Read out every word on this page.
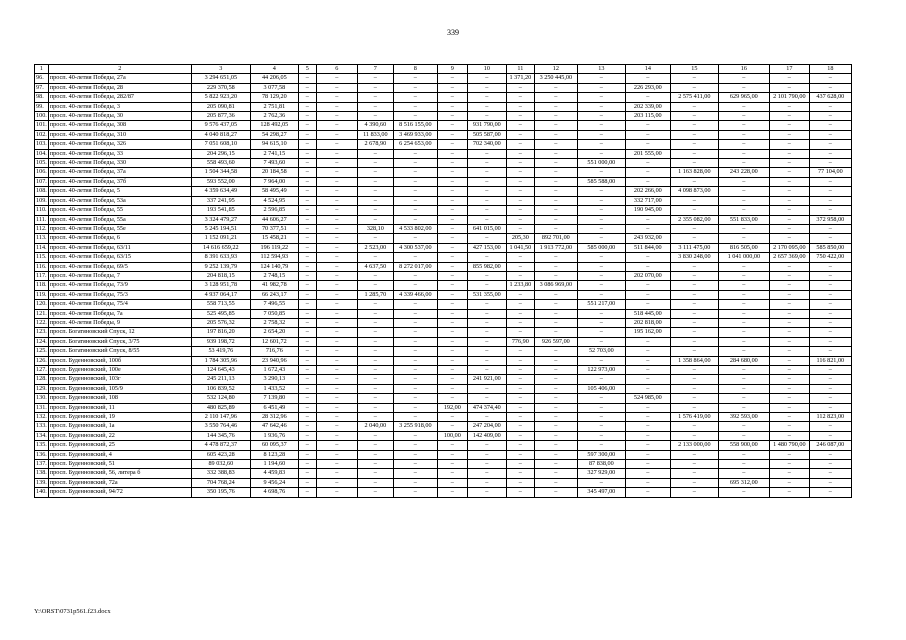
339
1	2	3	4	5	6	7	8	9	10	11	12	13	14	15	16	17	18
96.	просп. 40-летия Победы, 27а	3 294 651,05	44 206,05	–	–	–	–	–	–	1 371,20	3 250 445,00	–	–	–	–	–	–
97.	просп. 40-летия Победы, 28	229 370,58	3 077,58	–	–	–	–	–	–	–	–	–	226 293,00	–	–	–	–
98.	просп. 40-летия Победы, 282/87	5 822 923,20	78 129,20	–	–	–	–	–	–	–	–	–	–	2 575 411,00	629 965,00	2 101 790,00	437 628,00
99.	просп. 40-летия Победы, 3	205 090,81	2 751,81	–	–	–	–	–	–	–	–	–	202 339,00	–	–	–	–
100.	просп. 40-летия Победы, 30	205 877,36	2 762,36	–	–	–	–	–	–	–	–	–	203 115,00	–	–	–	–
101.	просп. 40-летия Победы, 308	9 576 437,05	128 492,05	–	–	4 390,60	8 516 155,00	–	931 790,00	–	–	–	–	–	–	–	–
102.	просп. 40-летия Победы, 310	4 040 818,27	54 298,27	–	–	11 833,00	3 469 933,00	–	505 587,00	–	–	–	–	–	–	–	–
103.	просп. 40-летия Победы, 326	7 051 608,10	94 615,10	–	–	2 678,90	6 254 653,00	–	702 340,00	–	–	–	–	–	–	–	–
104.	просп. 40-летия Победы, 33	204 296,15	2 741,15	–	–	–	–	–	–	–	–	–	201 555,00	–	–	–	–
105.	просп. 40-летия Победы, 330	558 493,60	7 493,60	–	–	–	–	–	–	–	–	551 000,00	–	–	–	–	–
106.	просп. 40-летия Победы, 37а	1 504 344,58	20 184,58	–	–	–	–	–	–	–	–	–	–	1 163 828,00	243 228,00	–	77 104,00
107.	просп. 40-летия Победы, 37б	593 552,00	7 964,00	–	–	–	–	–	–	–	–	585 588,00	–	–	–	–	–
108.	просп. 40-летия Победы, 5	4 359 634,49	58 495,49	–	–	–	–	–	–	–	–	–	202 266,00	4 098 873,00	–	–	–
109.	просп. 40-летия Победы, 53а	337 241,95	4 524,95	–	–	–	–	–	–	–	–	–	332 717,00	–	–	–	–
110.	просп. 40-летия Победы, 55	193 541,85	2 596,85	–	–	–	–	–	–	–	–	–	190 945,00	–	–	–	–
111.	просп. 40-летия Победы, 55а	3 324 479,27	44 606,27	–	–	–	–	–	–	–	–	–	–	2 355 082,00	551 833,00	–	372 958,00
112.	просп. 40-летия Победы, 55е	5 245 194,51	70 377,51	–	–	328,10	4 533 802,00	–	641 015,00	–	–	–	–	–	–	–	–
113.	просп. 40-летия Победы, 6	1 152 091,21	15 458,21	–	–	–	–	–	–	205,30	892 701,00	–	243 932,00	–	–	–	–
114.	просп. 40-летия Победы, 63/11	14 616 659,22	196 119,22	–	–	2 523,00	4 300 537,00	–	427 153,00	1 041,50	1 913 772,00	585 000,00	511 844,00	3 111 475,00	816 505,00	2 170 095,00	585 850,00
115.	просп. 40-летия Победы, 63/15	8 391 633,93	112 594,93	–	–	–	–	–	–	–	–	–	–	3 830 248,00	1 041 000,00	2 657 369,00	750 422,00
116.	просп. 40-летия Победы, 69/5	9 252 139,79	124 140,79	–	–	4 637,50	8 272 017,00	–	855 982,00	–	–	–	–	–	–	–	–
117.	просп. 40-летия Победы, 7	204 818,15	2 748,15	–	–	–	–	–	–	–	–	–	202 070,00	–	–	–	–
118.	просп. 40-летия Победы, 73/9	3 128 951,78	41 982,78	–	–	–	–	–	–	1 233,80	3 086 969,00	–	–	–	–	–	–
119.	просп. 40-летия Победы, 75/3	4 937 064,17	66 243,17	–	–	1 285,70	4 339 466,00	–	531 355,00	–	–	–	–	–	–	–	–
120.	просп. 40-летия Победы, 75/4	558 713,55	7 496,55	–	–	–	–	–	–	–	–	551 217,00	–	–	–	–	–
121.	просп. 40-летия Победы, 7а	525 495,85	7 050,85	–	–	–	–	–	–	–	–	–	518 445,00	–	–	–	–
122.	просп. 40-летия Победы, 9	205 576,32	2 758,32	–	–	–	–	–	–	–	–	–	202 818,00	–	–	–	–
123.	просп. Богатяновский Спуск, 12	197 816,20	2 654,20	–	–	–	–	–	–	–	–	–	195 162,00	–	–	–	–
124.	просп. Богатяновский Спуск, 3/75	939 198,72	12 601,72	–	–	–	–	–	–	776,90	926 597,00	–	–	–	–	–	–
125.	просп. Богатяновский Спуск, 8/55	53 419,76	716,76	–	–	–	–	–	–	–	–	52 703,00	–	–	–	–	–
126.	просп. Буденновский, 100б	1 784 305,96	23 940,96	–	–	–	–	–	–	–	–	–	–	1 358 864,00	284 680,00	–	116 821,00
127.	просп. Буденновский, 100е	124 645,43	1 672,43	–	–	–	–	–	–	–	–	122 973,00	–	–	–	–	–
128.	просп. Буденновский, 103г	245 211,13	3 290,13	–	–	–	–	–	241 921,00	–	–	–	–	–	–	–	–
129.	просп. Буденновский, 105/9	106 839,52	1 433,52	–	–	–	–	–	–	–	–	105 406,00	–	–	–	–	–
130.	просп. Буденновский, 108	532 124,80	7 139,80	–	–	–	–	–	–	–	–	–	524 985,00	–	–	–	–
131.	просп. Буденновский, 11	480 825,89	6 451,49	–	–	–	–	192,00	474 374,40	–	–	–	–	–	–	–	–
132.	просп. Буденновский, 19	2 110 147,96	28 312,96	–	–	–	–	–	–	–	–	–	–	1 576 419,00	392 593,00	–	112 823,00
133.	просп. Буденновский, 1а	3 550 764,46	47 642,46	–	–	2 040,00	3 255 918,00	–	247 204,00	–	–	–	–	–	–	–	–
134.	просп. Буденновский, 22	144 345,76	1 936,76	–	–	–	–	100,00	142 409,00	–	–	–	–	–	–	–	–
135.	просп. Буденновский, 25	4 478 872,37	60 095,37	–	–	–	–	–	–	–	–	–	–	2 133 000,00	558 900,00	1 480 790,00	246 087,00
136.	просп. Буденновский, 4	605 423,28	8 123,28	–	–	–	–	–	–	–	–	597 300,00	–	–	–	–	–
137.	просп. Буденновский, 51	89 032,60	1 194,60	–	–	–	–	–	–	–	–	87 838,00	–	–	–	–	–
138.	просп. Буденновский, 56, литера б	332 388,83	4 459,83	–	–	–	–	–	–	–	–	327 929,00	–	–	–	–	–
139.	просп. Буденновский, 72а	704 768,24	9 456,24	–	–	–	–	–	–	–	–	–	–	–	695 312,00	–	–
140.	просп. Буденновский, 94/72	350 195,76	4 698,76	–	–	–	–	–	–	–	–	345 497,00	–	–	–	–	–
Y:\ORST\0731p561.f23.docx
